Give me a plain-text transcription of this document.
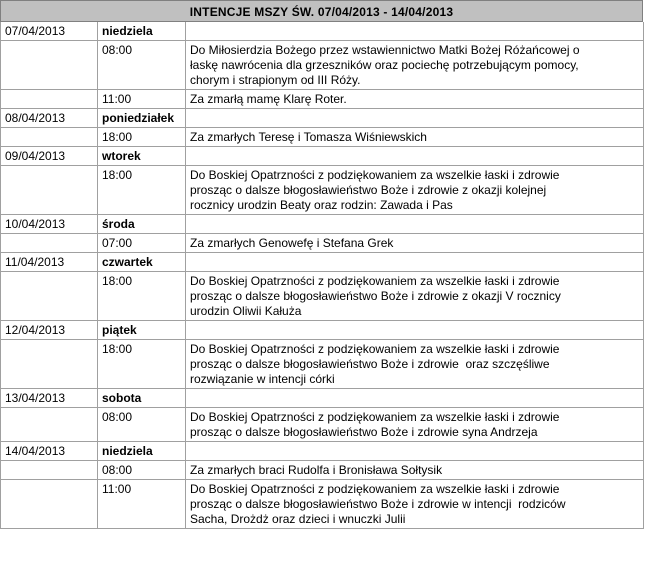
INTENCJE MSZY ŚW. 07/04/2013 - 14/04/2013
07/04/2013	niedziela	
	08:00	Do Miłosierdzia Bożego przez wstawiennictwo Matki Bożej Różańcowej o
łaskę nawrócenia dla grzeszników oraz pociechę potrzebującym pomocy,
chorym i strapionym od III Róży.

	11:00	Za zmarłą mamę Klarę Roter.

08/04/2013	poniedziałek	
	18:00	Za zmarłych Teresę i Tomasza Wiśniewskich

09/04/2013	wtorek	
	18:00	Do Boskiej Opatrzności z podziękowaniem za wszelkie łaski i zdrowie
prosząc o dalsze błogosławieństwo Boże i zdrowie z okazji kolejnej
rocznicy urodzin Beaty oraz rodzin: Zawada i Pas

10/04/2013	środa	
	07:00	Za zmarłych Genowefę i Stefana Grek

11/04/2013	czwartek	
	18:00	Do Boskiej Opatrzności z podziękowaniem za wszelkie łaski i zdrowie
prosząc o dalsze błogosławieństwo Boże i zdrowie z okazji V rocznicy
urodzin Oliwii Kałuża

12/04/2013	piątek	
	18:00	Do Boskiej Opatrzności z podziękowaniem za wszelkie łaski i zdrowie
prosząc o dalsze błogosławieństwo Boże i zdrowie  oraz szczęśliwe
rozwiązanie w intencji córki

13/04/2013	sobota	
	08:00	Do Boskiej Opatrzności z podziękowaniem za wszelkie łaski i zdrowie
prosząc o dalsze błogosławieństwo Boże i zdrowie syna Andrzeja

14/04/2013	niedziela	
	08:00	Za zmarłych braci Rudolfa i Bronisława Sołtysik

	11:00	Do Boskiej Opatrzności z podziękowaniem za wszelkie łaski i zdrowie
prosząc o dalsze błogosławieństwo Boże i zdrowie w intencji  rodziców
Sacha, Drożdż oraz dzieci i wnuczki Julii
